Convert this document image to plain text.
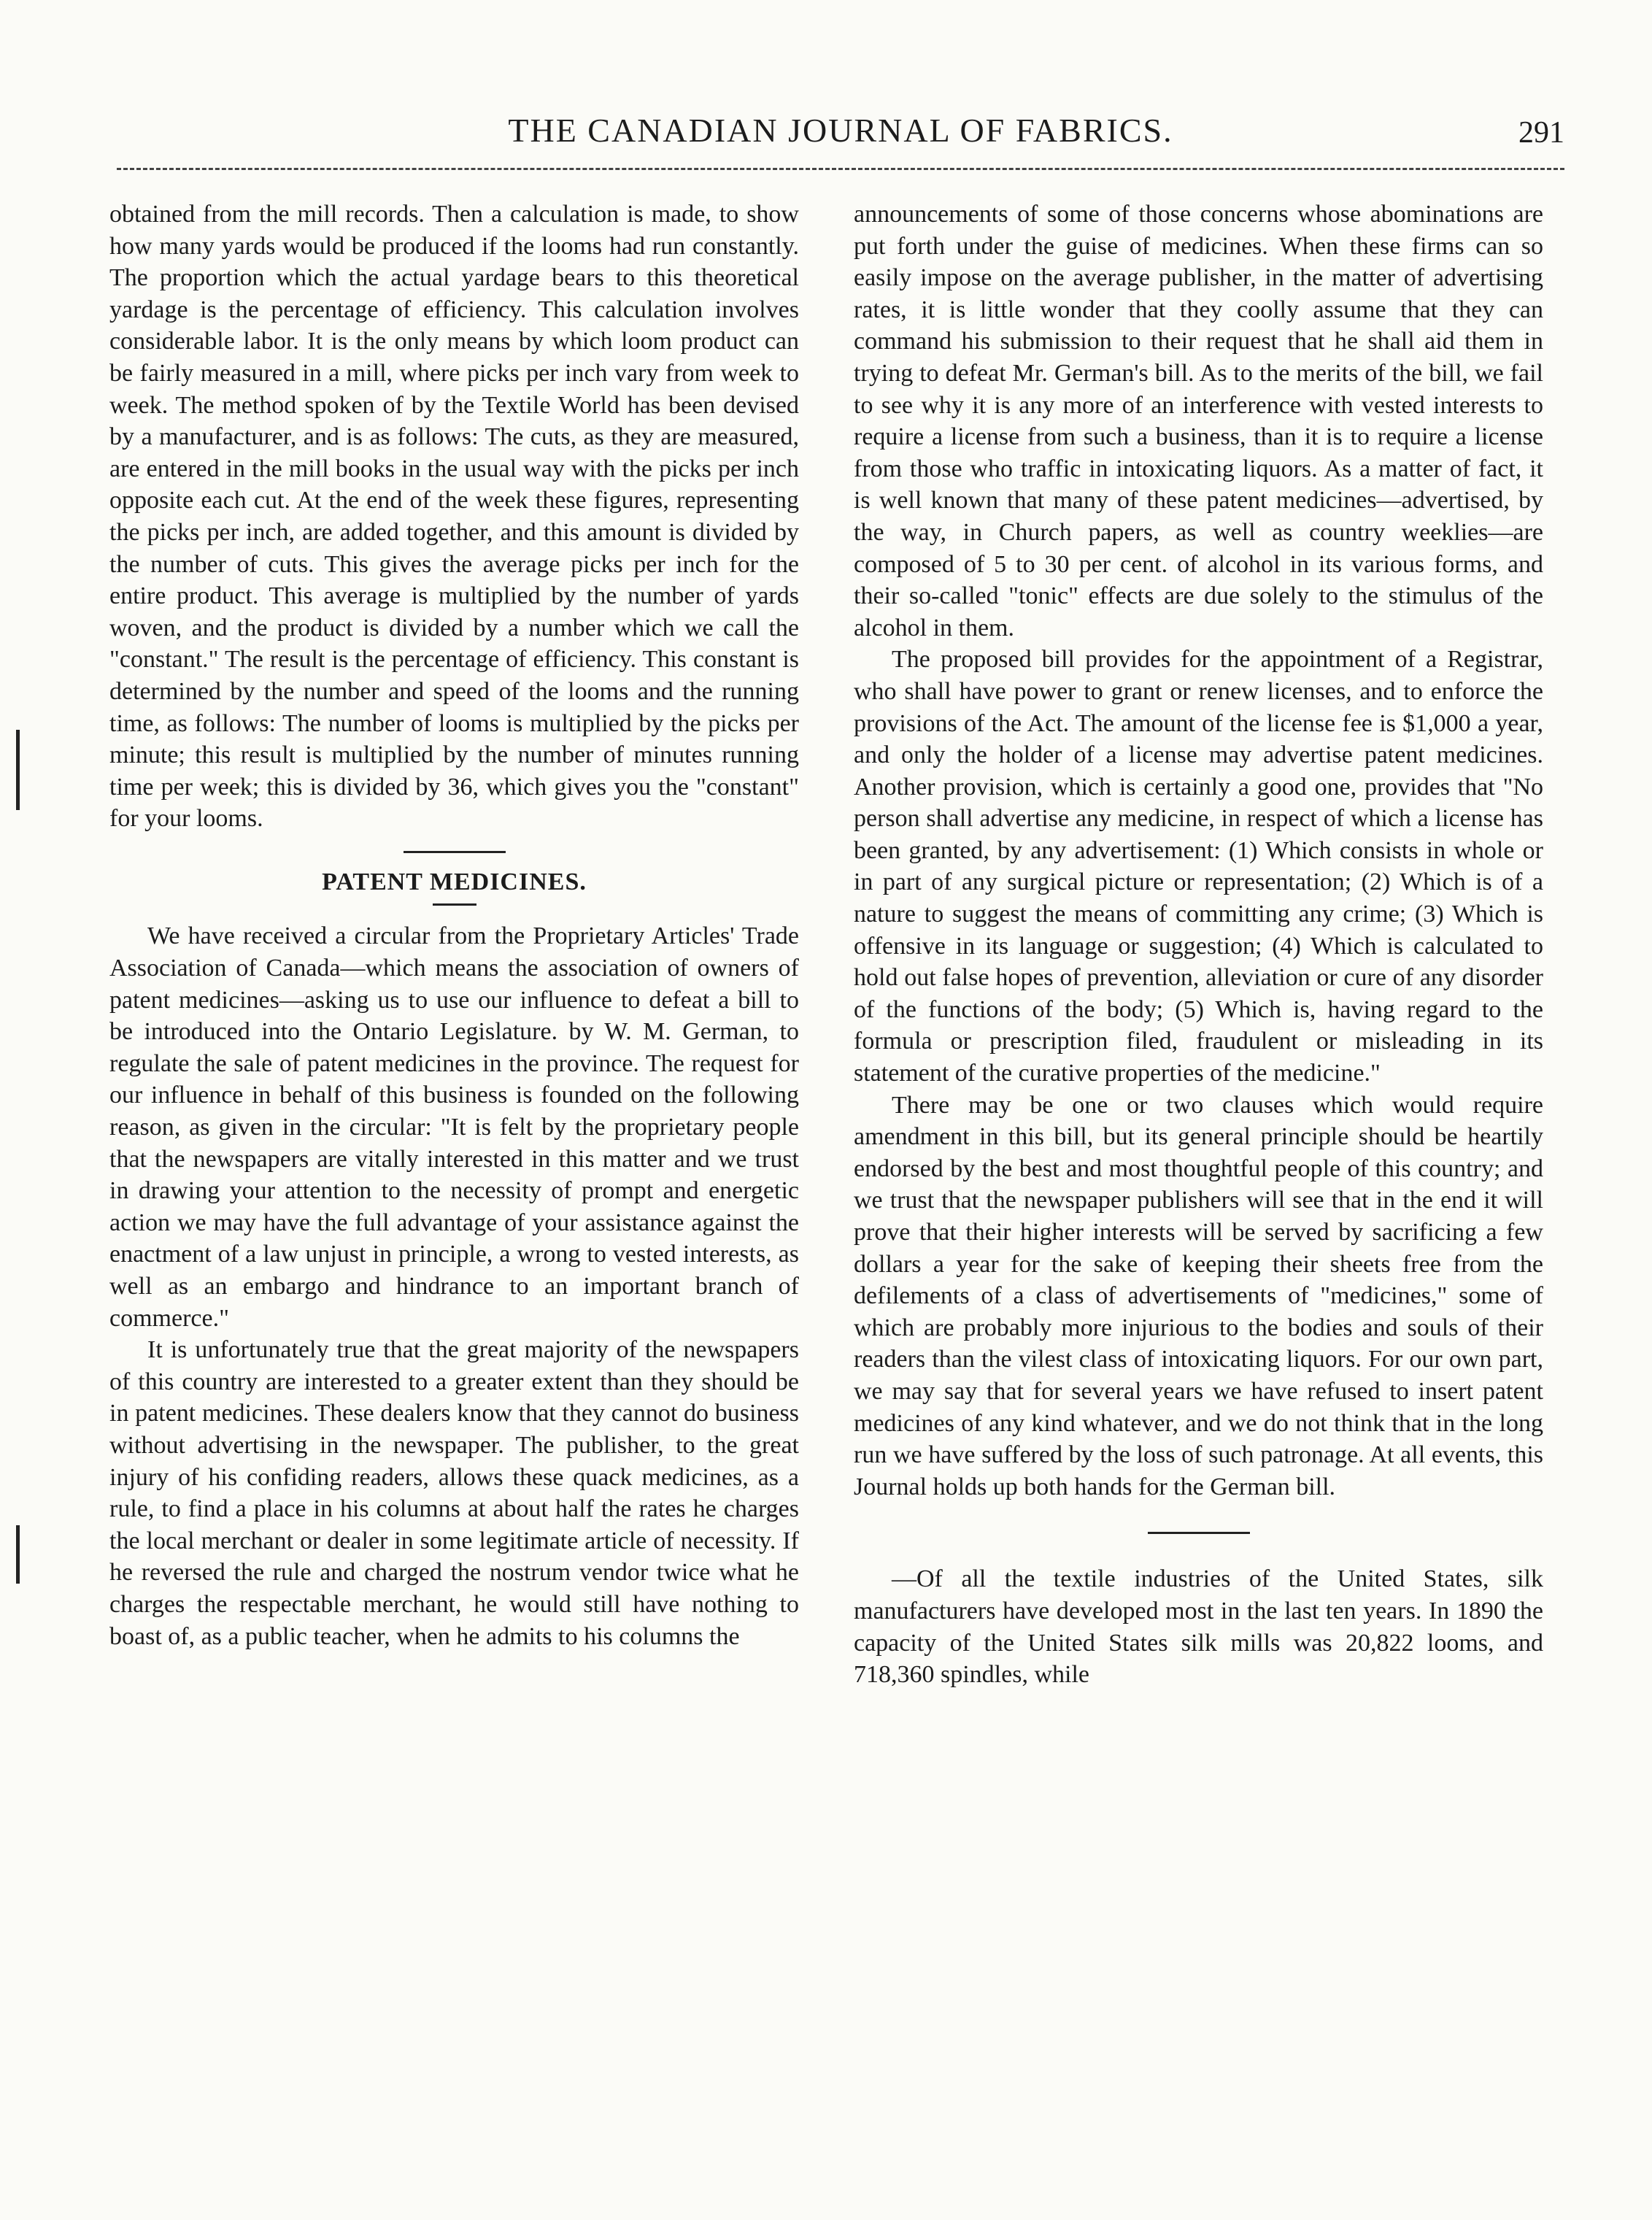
THE CANADIAN JOURNAL OF FABRICS.	291

obtained from the mill records. Then a calculation is made, to show how many yards would be produced if the looms had run constantly. The proportion which the actual yardage bears to this theoretical yardage is the percentage of efficiency. This calculation involves considerable labor. It is the only means by which loom product can be fairly measured in a mill, where picks per inch vary from week to week. The method spoken of by the Textile World has been devised by a manufacturer, and is as follows: The cuts, as they are measured, are entered in the mill books in the usual way with the picks per inch opposite each cut. At the end of the week these figures, representing the picks per inch, are added together, and this amount is divided by the number of cuts. This gives the average picks per inch for the entire product. This average is multiplied by the number of yards woven, and the product is divided by a number which we call the "constant." The result is the percentage of efficiency. This constant is determined by the number and speed of the looms and the running time, as follows: The number of looms is multiplied by the picks per minute; this result is multiplied by the number of minutes running time per week; this is divided by 36, which gives you the "constant" for your looms.

PATENT MEDICINES.

We have received a circular from the Proprietary Articles' Trade Association of Canada—which means the association of owners of patent medicines—asking us to use our influence to defeat a bill to be introduced into the Ontario Legislature. by W. M. German, to regulate the sale of patent medicines in the province. The request for our influence in behalf of this business is founded on the following reason, as given in the circular: "It is felt by the proprietary people that the newspapers are vitally interested in this matter and we trust in drawing your attention to the necessity of prompt and energetic action we may have the full advantage of your assistance against the enactment of a law unjust in principle, a wrong to vested interests, as well as an embargo and hindrance to an important branch of commerce."

It is unfortunately true that the great majority of the newspapers of this country are interested to a greater extent than they should be in patent medicines. These dealers know that they cannot do business without advertising in the newspaper. The publisher, to the great injury of his confiding readers, allows these quack medicines, as a rule, to find a place in his columns at about half the rates he charges the local merchant or dealer in some legitimate article of necessity. If he reversed the rule and charged the nostrum vendor twice what he charges the respectable merchant, he would still have nothing to boast of, as a public teacher, when he admits to his columns the

announcements of some of those concerns whose abominations are put forth under the guise of medicines. When these firms can so easily impose on the average publisher, in the matter of advertising rates, it is little wonder that they coolly assume that they can command his submission to their request that he shall aid them in trying to defeat Mr. German's bill. As to the merits of the bill, we fail to see why it is any more of an interference with vested interests to require a license from such a business, than it is to require a license from those who traffic in intoxicating liquors. As a matter of fact, it is well known that many of these patent medicines—advertised, by the way, in Church papers, as well as country weeklies—are composed of 5 to 30 per cent. of alcohol in its various forms, and their so-called "tonic" effects are due solely to the stimulus of the alcohol in them.

The proposed bill provides for the appointment of a Registrar, who shall have power to grant or renew licenses, and to enforce the provisions of the Act. The amount of the license fee is $1,000 a year, and only the holder of a license may advertise patent medicines. Another provision, which is certainly a good one, provides that "No person shall advertise any medicine, in respect of which a license has been granted, by any advertisement: (1) Which consists in whole or in part of any surgical picture or representation; (2) Which is of a nature to suggest the means of committing any crime; (3) Which is offensive in its language or suggestion; (4) Which is calculated to hold out false hopes of prevention, alleviation or cure of any disorder of the functions of the body; (5) Which is, having regard to the formula or prescription filed, fraudulent or misleading in its statement of the curative properties of the medicine."

There may be one or two clauses which would require amendment in this bill, but its general principle should be heartily endorsed by the best and most thoughtful people of this country; and we trust that the newspaper publishers will see that in the end it will prove that their higher interests will be served by sacrificing a few dollars a year for the sake of keeping their sheets free from the defilements of a class of advertisements of "medicines," some of which are probably more injurious to the bodies and souls of their readers than the vilest class of intoxicating liquors. For our own part, we may say that for several years we have refused to insert patent medicines of any kind whatever, and we do not think that in the long run we have suffered by the loss of such patronage. At all events, this Journal holds up both hands for the German bill.

—Of all the textile industries of the United States, silk manufacturers have developed most in the last ten years. In 1890 the capacity of the United States silk mills was 20,822 looms, and 718,360 spindles, while
